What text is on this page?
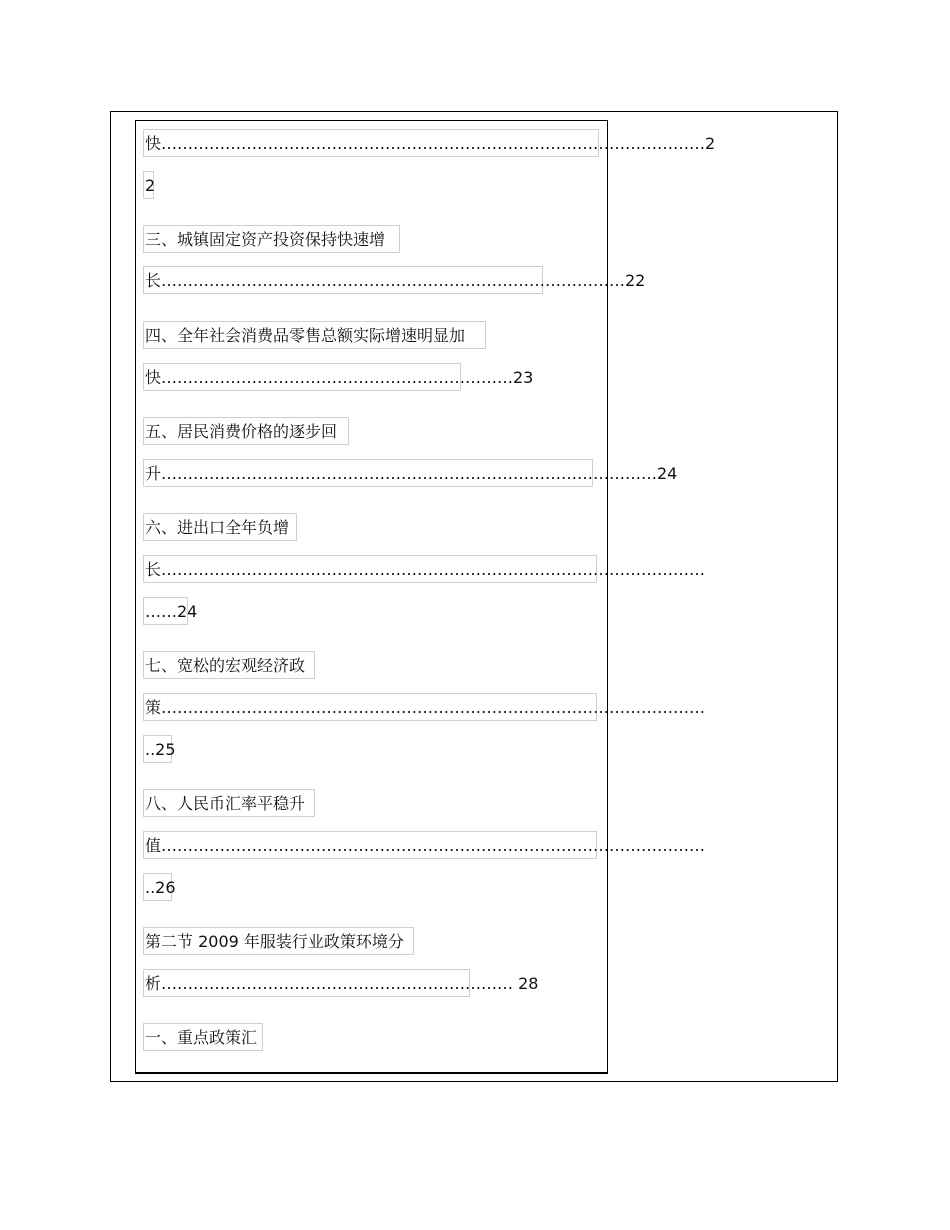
快…………………………………………………………………………………………2
2
三、城镇固定资产投资保持快速增
长……………………………………………………………………………22
四、全年社会消费品零售总额实际增速明显加
快…………………………………………………………23
五、居民消费价格的逐步回
升…………………………………………………………………………………24
六、进出口全年负增
长…………………………………………………………………………………………
……24
七、宽松的宏观经济政
策…………………………………………………………………………………………
..25
八、人民币汇率平稳升
值…………………………………………………………………………………………
..26
第二节 2009 年服装行业政策环境分
析………………………………………………………… 28
一、重点政策汇
